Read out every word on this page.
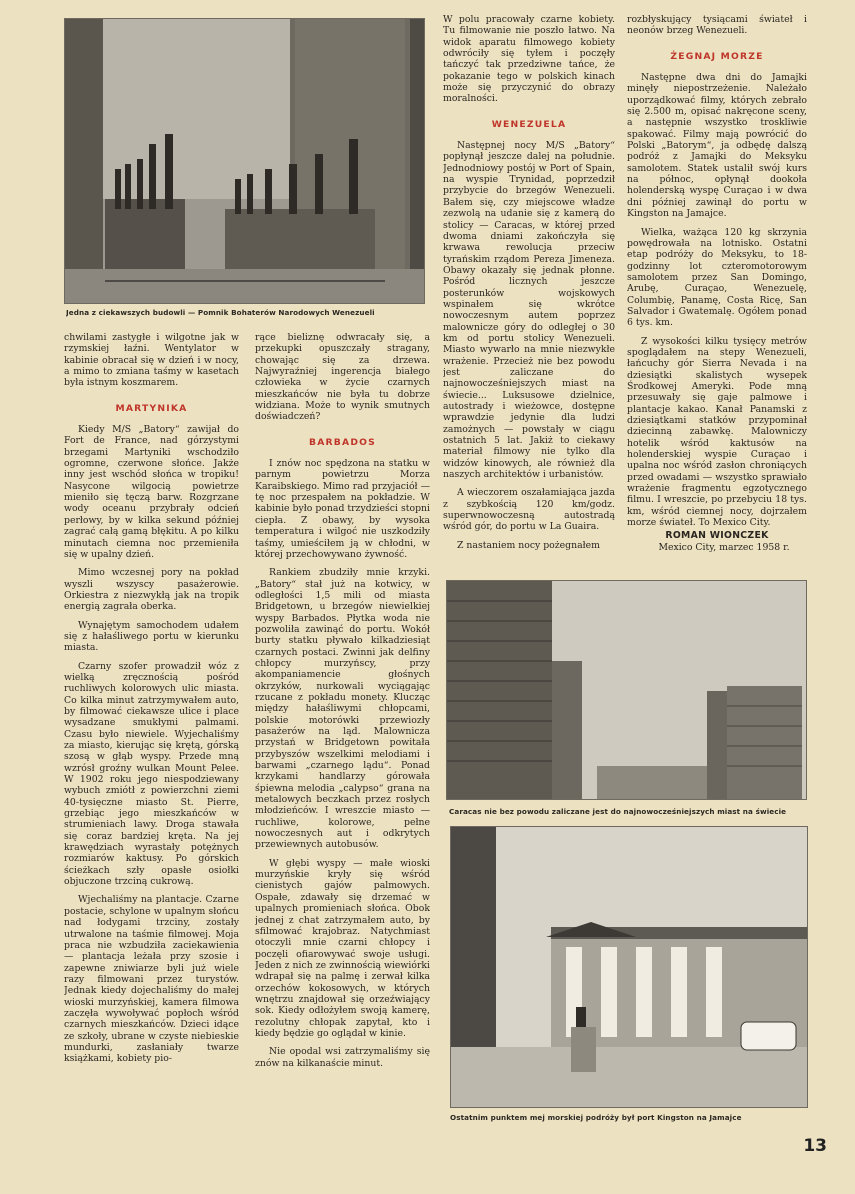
Jedna z ciekawszych budowli — Pomnik Bohaterów Narodowych Wenezueli

chwilami zastygłe i wilgotne jak w rzymskiej łaźni. Wentylator w kabinie obracał się w dzień i w nocy, a mimo to zmiana taśmy w kasetach była istnym koszmarem.

MARTYNIKA

Kiedy M/S „Batory“ zawijał do Fort de France, nad górzystymi brzegami Martyniki wschodziło ogromne, czerwone słońce. Jakże inny jest wschód słońca w tropiku! Nasycone wilgocią powietrze mieniło się tęczą barw. Rozgrzane wody oceanu przybrały odcień perłowy, by w kilka sekund później zagrać całą gamą błękitu. A po kilku minutach ciemna noc przemieniła się w upalny dzień.

Mimo wczesnej pory na pokład wyszli wszyscy pasażerowie. Orkiestra z niezwykłą jak na tropik energią zagrała oberka.

Wynajętym samochodem udałem się z hałaśliwego portu w kierunku miasta.

Czarny szofer prowadził wóz z wielką zręcznością pośród ruchliwych kolorowych ulic miasta. Co kilka minut zatrzymywałem auto, by filmować ciekawsze ulice i place wysadzane smukłymi palmami. Czasu było niewiele. Wyjechaliśmy za miasto, kierując się krętą, górską szosą w głąb wyspy. Przede mną wzrósł groźny wulkan Mount Pelee. W 1902 roku jego niespodziewany wybuch zmiótł z powierzchni ziemi 40-tysięczne miasto St. Pierre, grzebiąc jego mieszkańców w strumieniach lawy. Droga stawała się coraz bardziej kręta. Na jej krawędziach wyrastały potężnych rozmiarów kaktusy. Po górskich ścieżkach szły opasłe osiołki objuczone trzciną cukrową.

Wjechaliśmy na plantacje. Czarne postacie, schylone w upalnym słońcu nad łodygami trzciny, zostały utrwalone na taśmie filmowej. Moja praca nie wzbudziła zaciekawienia — plantacja leżała przy szosie i zapewne zniwiarze byli już wiele razy filmowani przez turystów. Jednak kiedy dojechaliśmy do małej wioski murzyńskiej, kamera filmowa zaczęła wywoływać popłoch wśród czarnych mieszkańców. Dzieci idące ze szkoły, ubrane w czyste niebieskie mundurki, zasłaniały twarze książkami, kobiety pio-

rące bieliznę odwracały się, a przekupki opuszczały stragany, chowając się za drzewa. Najwyraźniej ingerencja białego człowieka w życie czarnych mieszkańców nie była tu dobrze widziana. Może to wynik smutnych doświadczeń?

BARBADOS

I znów noc spędzona na statku w parnym powietrzu Morza Karaibskiego. Mimo rad przyjaciół — tę noc przespałem na pokładzie. W kabinie było ponad trzydzieści stopni ciepła. Z obawy, by wysoka temperatura i wilgoć nie uszkodziły taśmy, umieściłem ją w chłodni, w której przechowywano żywność.

Rankiem zbudziły mnie krzyki. „Batory“ stał już na kotwicy, w odległości 1,5 mili od miasta Bridgetown, u brzegów niewielkiej wyspy Barbados. Płytka woda nie pozwoliła zawinąć do portu. Wokół burty statku pływało kilkadziesiąt czarnych postaci. Zwinni jak delfiny chłopcy murzyńscy, przy akompaniamencie głośnych okrzyków, nurkowali wyciągając rzucane z pokładu monety. Klucząc między hałaśliwymi chłopcami, polskie motorówki przewiozły pasażerów na ląd. Malownicza przystań w Bridgetown powitała przybyszów wszelkimi melodiami i barwami „czarnego lądu“. Ponad krzykami handlarzy górowała śpiewna melodia „calypso“ grana na metalowych beczkach przez rosłych młodzieńców. I wreszcie miasto — ruchliwe, kolorowe, pełne nowoczesnych aut i odkrytych przewiewnych autobusów.

W głębi wyspy — małe wioski murzyńskie kryły się wśród cienistych gajów palmowych. Ospałe, zdawały się drzemać w upalnych promieniach słońca. Obok jednej z chat zatrzymałem auto, by sfilmować krajobraz. Natychmiast otoczyli mnie czarni chłopcy i poczęli ofiarowywać swoje usługi. Jeden z nich ze zwinnością wiewiórki wdrapał się na palmę i zerwał kilka orzechów kokosowych, w których wnętrzu znajdował się orzeźwiający sok. Kiedy odłożyłem swoją kamerę, rezolutny chłopak zapytał, kto i kiedy będzie go oglądał w kinie.

Nie opodal wsi zatrzymaliśmy się znów na kilkanaście minut.

W polu pracowały czarne kobiety. Tu filmowanie nie poszło łatwo. Na widok aparatu filmowego kobiety odwróciły się tyłem i poczęły tańczyć tak przedziwne tańce, że pokazanie tego w polskich kinach może się przyczynić do obrazy moralności.

WENEZUELA

Następnej nocy M/S „Batory“ popłynął jeszcze dalej na południe. Jednodniowy postój w Port of Spain, na wyspie Trynidad, poprzedził przybycie do brzegów Wenezueli. Bałem się, czy miejscowe władze zezwolą na udanie się z kamerą do stolicy — Caracas, w której przed dwoma dniami zakończyła się krwawa rewolucja przeciw tyrańskim rządom Pereza Jimeneza. Obawy okazały się jednak płonne. Pośród licznych jeszcze posterunków wojskowych wspinałem się wkrótce nowoczesnym autem poprzez malownicze góry do odległej o 30 km od portu stolicy Wenezueli. Miasto wywarło na mnie niezwykłe wrażenie. Przecież nie bez powodu jest zaliczane do najnowocześniejszych miast na świecie... Luksusowe dzielnice, autostrady i wieżowce, dostępne wprawdzie jedynie dla ludzi zamożnych — powstały w ciągu ostatnich 5 lat. Jakiż to ciekawy materiał filmowy nie tylko dla widzów kinowych, ale również dla naszych architektów i urbanistów.

A wieczorem oszałamiająca jazda z szybkością 120 km/godz. superwnowoczesną autostradą wśród gór, do portu w La Guaira.

Z nastaniem nocy pożegnałem

rozbłyskujący tysiącami świateł i neonów brzeg Wenezueli.

ŻEGNAJ MORZE

Następne dwa dni do Jamajki minęły niepostrzeżenie. Należało uporządkować filmy, których zebrało się 2.500 m, opisać nakręcone sceny, a następnie wszystko troskliwie spakować. Filmy mają powrócić do Polski „Batorym“, ja odbędę dalszą podróż z Jamajki do Meksyku samolotem. Statek ustalił swój kurs na północ, opłynął dookoła holenderską wyspę Curaçao i w dwa dni później zawinął do portu w Kingston na Jamajce.

Wielka, ważąca 120 kg skrzynia powędrowała na lotnisko. Ostatni etap podróży do Meksyku, to 18-godzinny lot czteromotorowym samolotem przez San Domingo, Arubę, Curaçao, Wenezuelę, Columbię, Panamę, Costa Ricę, San Salvador i Gwatemalę. Ogółem ponad 6 tys. km.

Z wysokości kilku tysięcy metrów spoglądałem na stepy Wenezueli, łańcuchy gór Sierra Nevada i na dziesiątki skalistych wysepek Środkowej Ameryki. Pode mną przesuwały się gaje palmowe i plantacje kakao. Kanał Panamski z dziesiątkami statków przypominał dziecinną zabawkę. Malowniczy hotelik wśród kaktusów na holenderskiej wyspie Curaçao i upalna noc wśród zasłon chroniących przed owadami — wszystko sprawiało wrażenie fragmentu egzotycznego filmu. I wreszcie, po przebyciu 18 tys. km, wśród ciemnej nocy, dojrzałem morze świateł. To Mexico City.

ROMAN WIONCZEK

Mexico City, marzec 1958 r.

Caracas nie bez powodu zaliczane jest do najnowocześniejszych miast na świecie
Ostatnim punktem mej morskiej podróży był port Kingston na Jamajce
13
